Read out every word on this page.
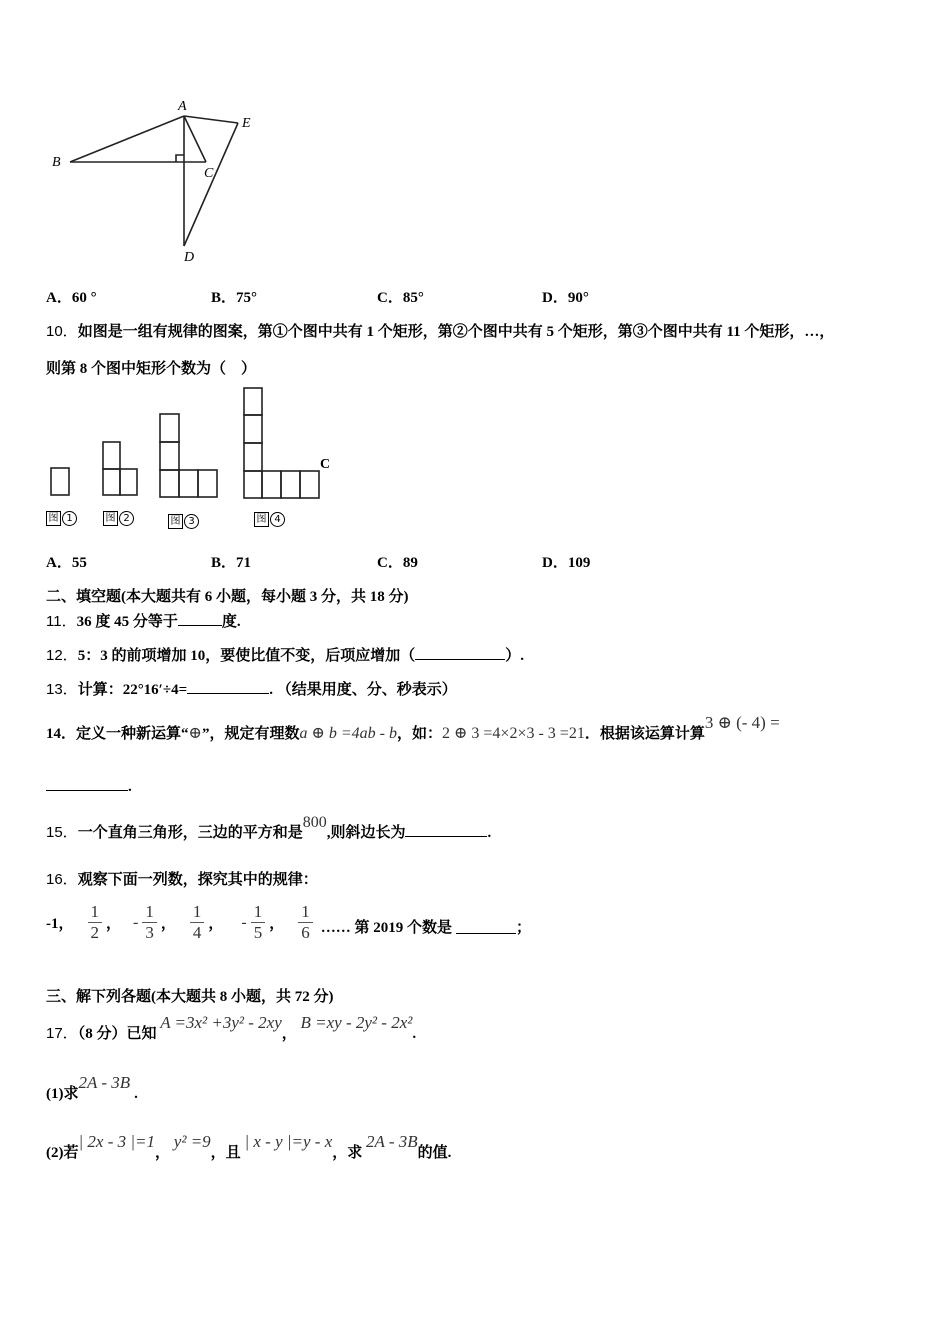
A
B
C
D
E
A．60 °	B．75°	C．85°	D．90°
10．如图是一组有规律的图案，第①个图中共有 1 个矩形，第②个图中共有 5 个矩形，第③个图中共有 11 个矩形，…，
则第 8 个图中矩形个数为（　）
C
图 1	图 2	图 3	图 4
A．55	B．71	C．89	D．109
二、填空题(本大题共有 6 小题，每小题 3 分，共 18 分)
11．36 度 45 分等于	度.
12．5：3 的前项增加 10，要使比值不变，后项应增加（	）.
13．计算：22°16′÷4=	. （结果用度、分、秒表示）
14．定义一种新运算“⊕”，规定有理数a ⊕ b =4ab - b，如：2 ⊕ 3 =4×2×3 - 3 =21．根据该运算计算3 ⊕ (- 4) =
.
15．一个直角三角形，三边的平方和是800,则斜边长为	.
16．观察下面一列数，探究其中的规律：
-1， $\frac{1}{2}$ ， - $\frac{1}{3}$ ， $\frac{1}{4}$ ， - $\frac{1}{5}$ ， $\frac{1}{6}$ …… 第 2019 个数是	；
三、解下列各题(本大题共 8 小题，共 72 分)
17．（8 分）已知 A =3x² +3y² - 2xy， B =xy - 2y² - 2x².
(1)求2A - 3B.
(2)若| 2x - 3 |=1， y² =9，且 | x - y |=y - x，求 2A - 3B的值.
